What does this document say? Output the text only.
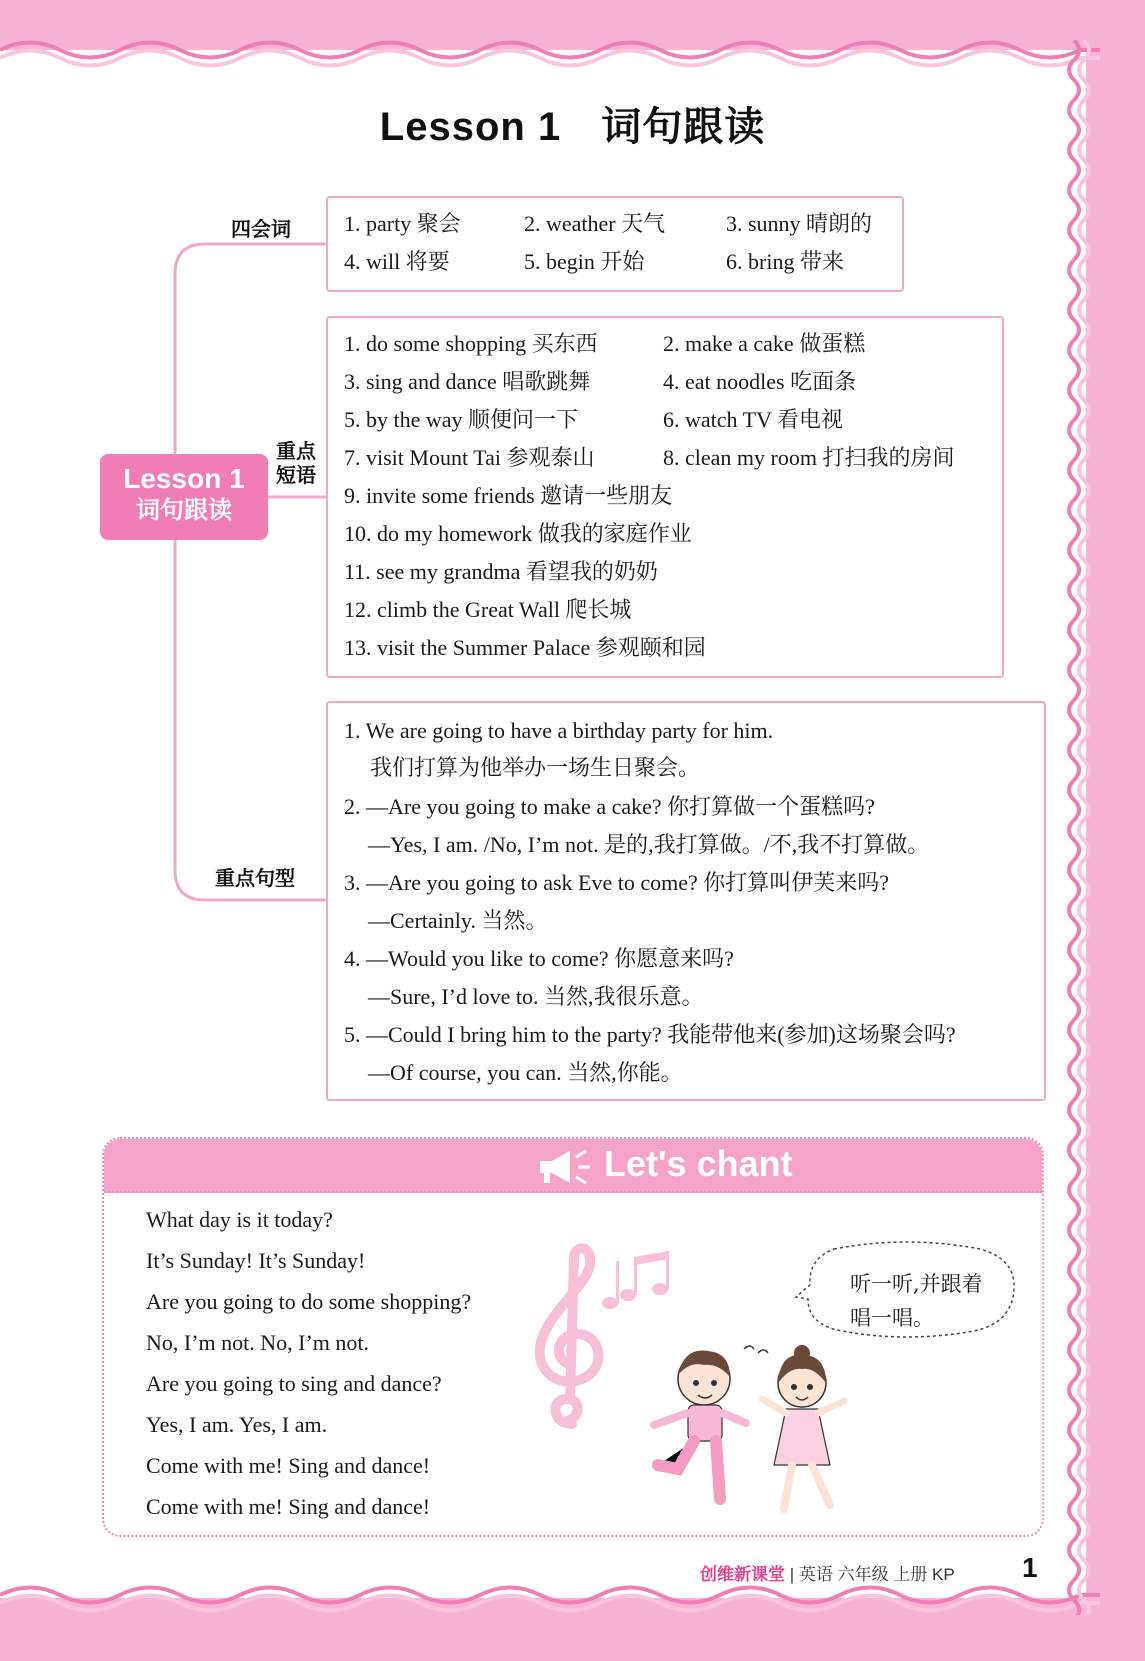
Lesson 1 词句跟读
四会词
重点
短语
重点句型
Lesson 1
词句跟读
1. party 聚会	2. weather 天气	3. sunny 晴朗的
4. will 将要	5. begin 开始	6. bring 带来
1. do some shopping 买东西	2. make a cake 做蛋糕
3. sing and dance 唱歌跳舞	4. eat noodles 吃面条
5. by the way 顺便问一下	6. watch TV 看电视
7. visit Mount Tai 参观泰山	8. clean my room 打扫我的房间
9. invite some friends 邀请一些朋友
10. do my homework 做我的家庭作业
11. see my grandma 看望我的奶奶
12. climb the Great Wall 爬长城
13. visit the Summer Palace 参观颐和园
1. We are going to have a birthday party for him.
我们打算为他举办一场生日聚会。
2. —Are you going to make a cake? 你打算做一个蛋糕吗?
—Yes, I am. /No, I’m not. 是的,我打算做。/不,我不打算做。
3. —Are you going to ask Eve to come? 你打算叫伊芙来吗?
—Certainly. 当然。
4. —Would you like to come? 你愿意来吗?
—Sure, I’d love to. 当然,我很乐意。
5. —Could I bring him to the party? 我能带他来(参加)这场聚会吗?
—Of course, you can. 当然,你能。
Let's chant
What day is it today?
It’s Sunday! It’s Sunday!
Are you going to do some shopping?
No, I’m not. No, I’m not.
Are you going to sing and dance?
Yes, I am. Yes, I am.
Come with me! Sing and dance!
Come with me! Sing and dance!
听一听,并跟着
唱一唱。
创维新课堂 | 英语 六年级 上册 KP 1
